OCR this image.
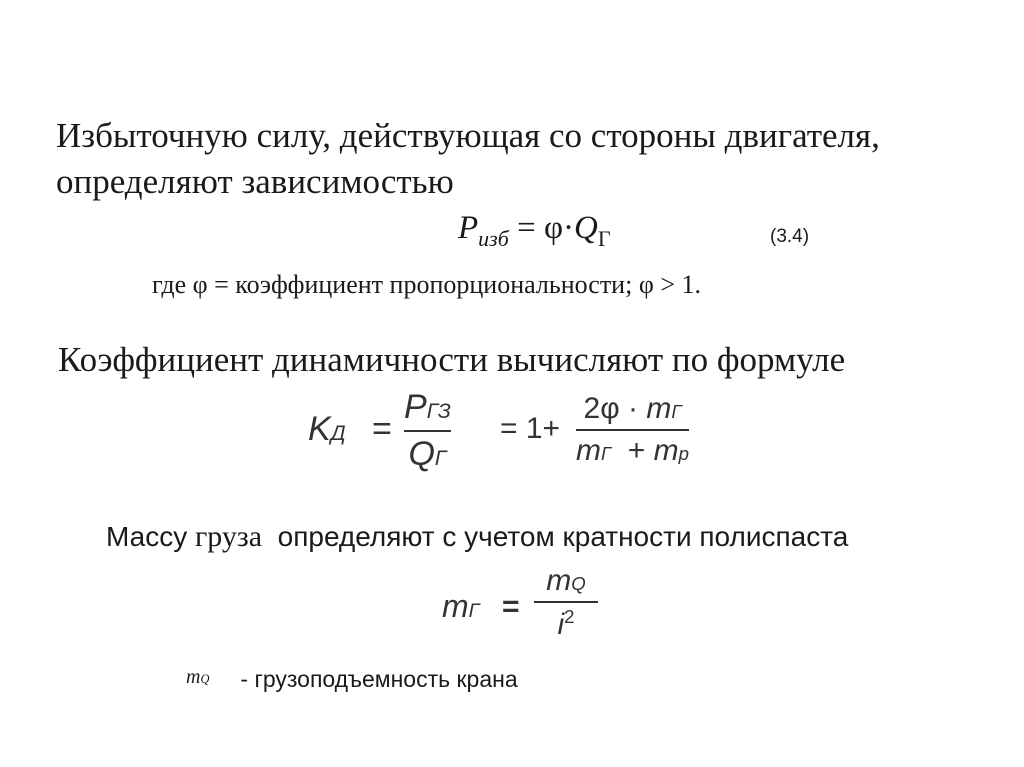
Избыточную силу, действующая со стороны двигателя,
определяют зависимостью
$P_{изб} = \varphi\cdot Q_Г$	(3.4)
где φ = коэффициент пропорциональности; φ > 1.
Коэффициент динамичности вычисляют по формуле
KД =
PГЗ
QГ
= 1+
2φ · mГ
mГ  + mp
Массу груза  определяют с учетом кратности полиспаста
mГ =
mQ
$i^2$
mQ - грузоподъемность крана
